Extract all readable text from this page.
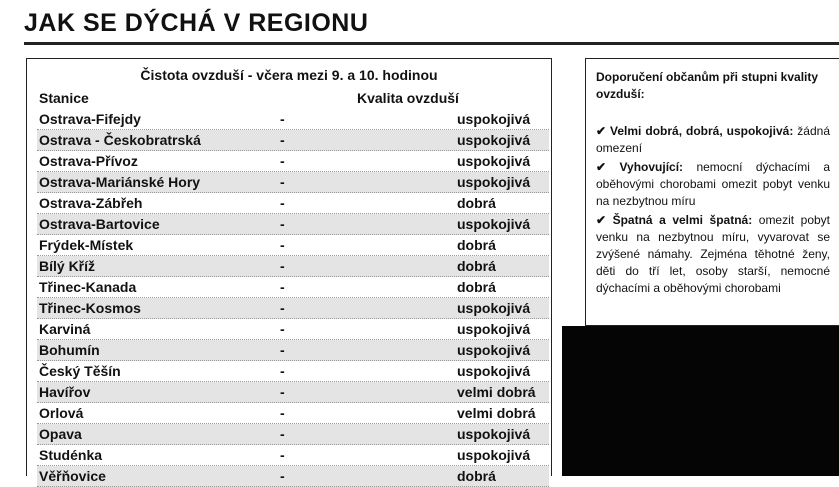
JAK SE DÝCHÁ V REGIONU
Čistota ovzduší - včera mezi 9. a 10. hodinou
Stanice	Kvalita ovzduší
Ostrava-Fifejdy	-	uspokojivá
Ostrava - Českobratrská	-	uspokojivá
Ostrava-Přívoz	-	uspokojivá
Ostrava-Mariánské Hory	-	uspokojivá
Ostrava-Zábřeh	-	dobrá
Ostrava-Bartovice	-	uspokojivá
Frýdek-Místek	-	dobrá
Bílý Kříž	-	dobrá
Třinec-Kanada	-	dobrá
Třinec-Kosmos	-	uspokojivá
Karviná	-	uspokojivá
Bohumín	-	uspokojivá
Český Těšín	-	uspokojivá
Havířov	-	velmi dobrá
Orlová	-	velmi dobrá
Opava	-	uspokojivá
Studénka	-	uspokojivá
Věřňovice	-	dobrá
Doporučení občanům při stupni kvality ovzduší:
✔ Velmi dobrá, dobrá, uspokojivá: žádná omezení
✔ Vyhovující: nemocní dýchacími a oběhovými chorobami omezit pobyt venku na nezbytnou míru
✔ Špatná a velmi špatná: omezit pobyt venku na nezbytnou míru, vyvarovat se zvýšené námahy. Zejména těhotné ženy, děti do tří let, osoby starší, nemocné dýchacími a oběhovými chorobami
